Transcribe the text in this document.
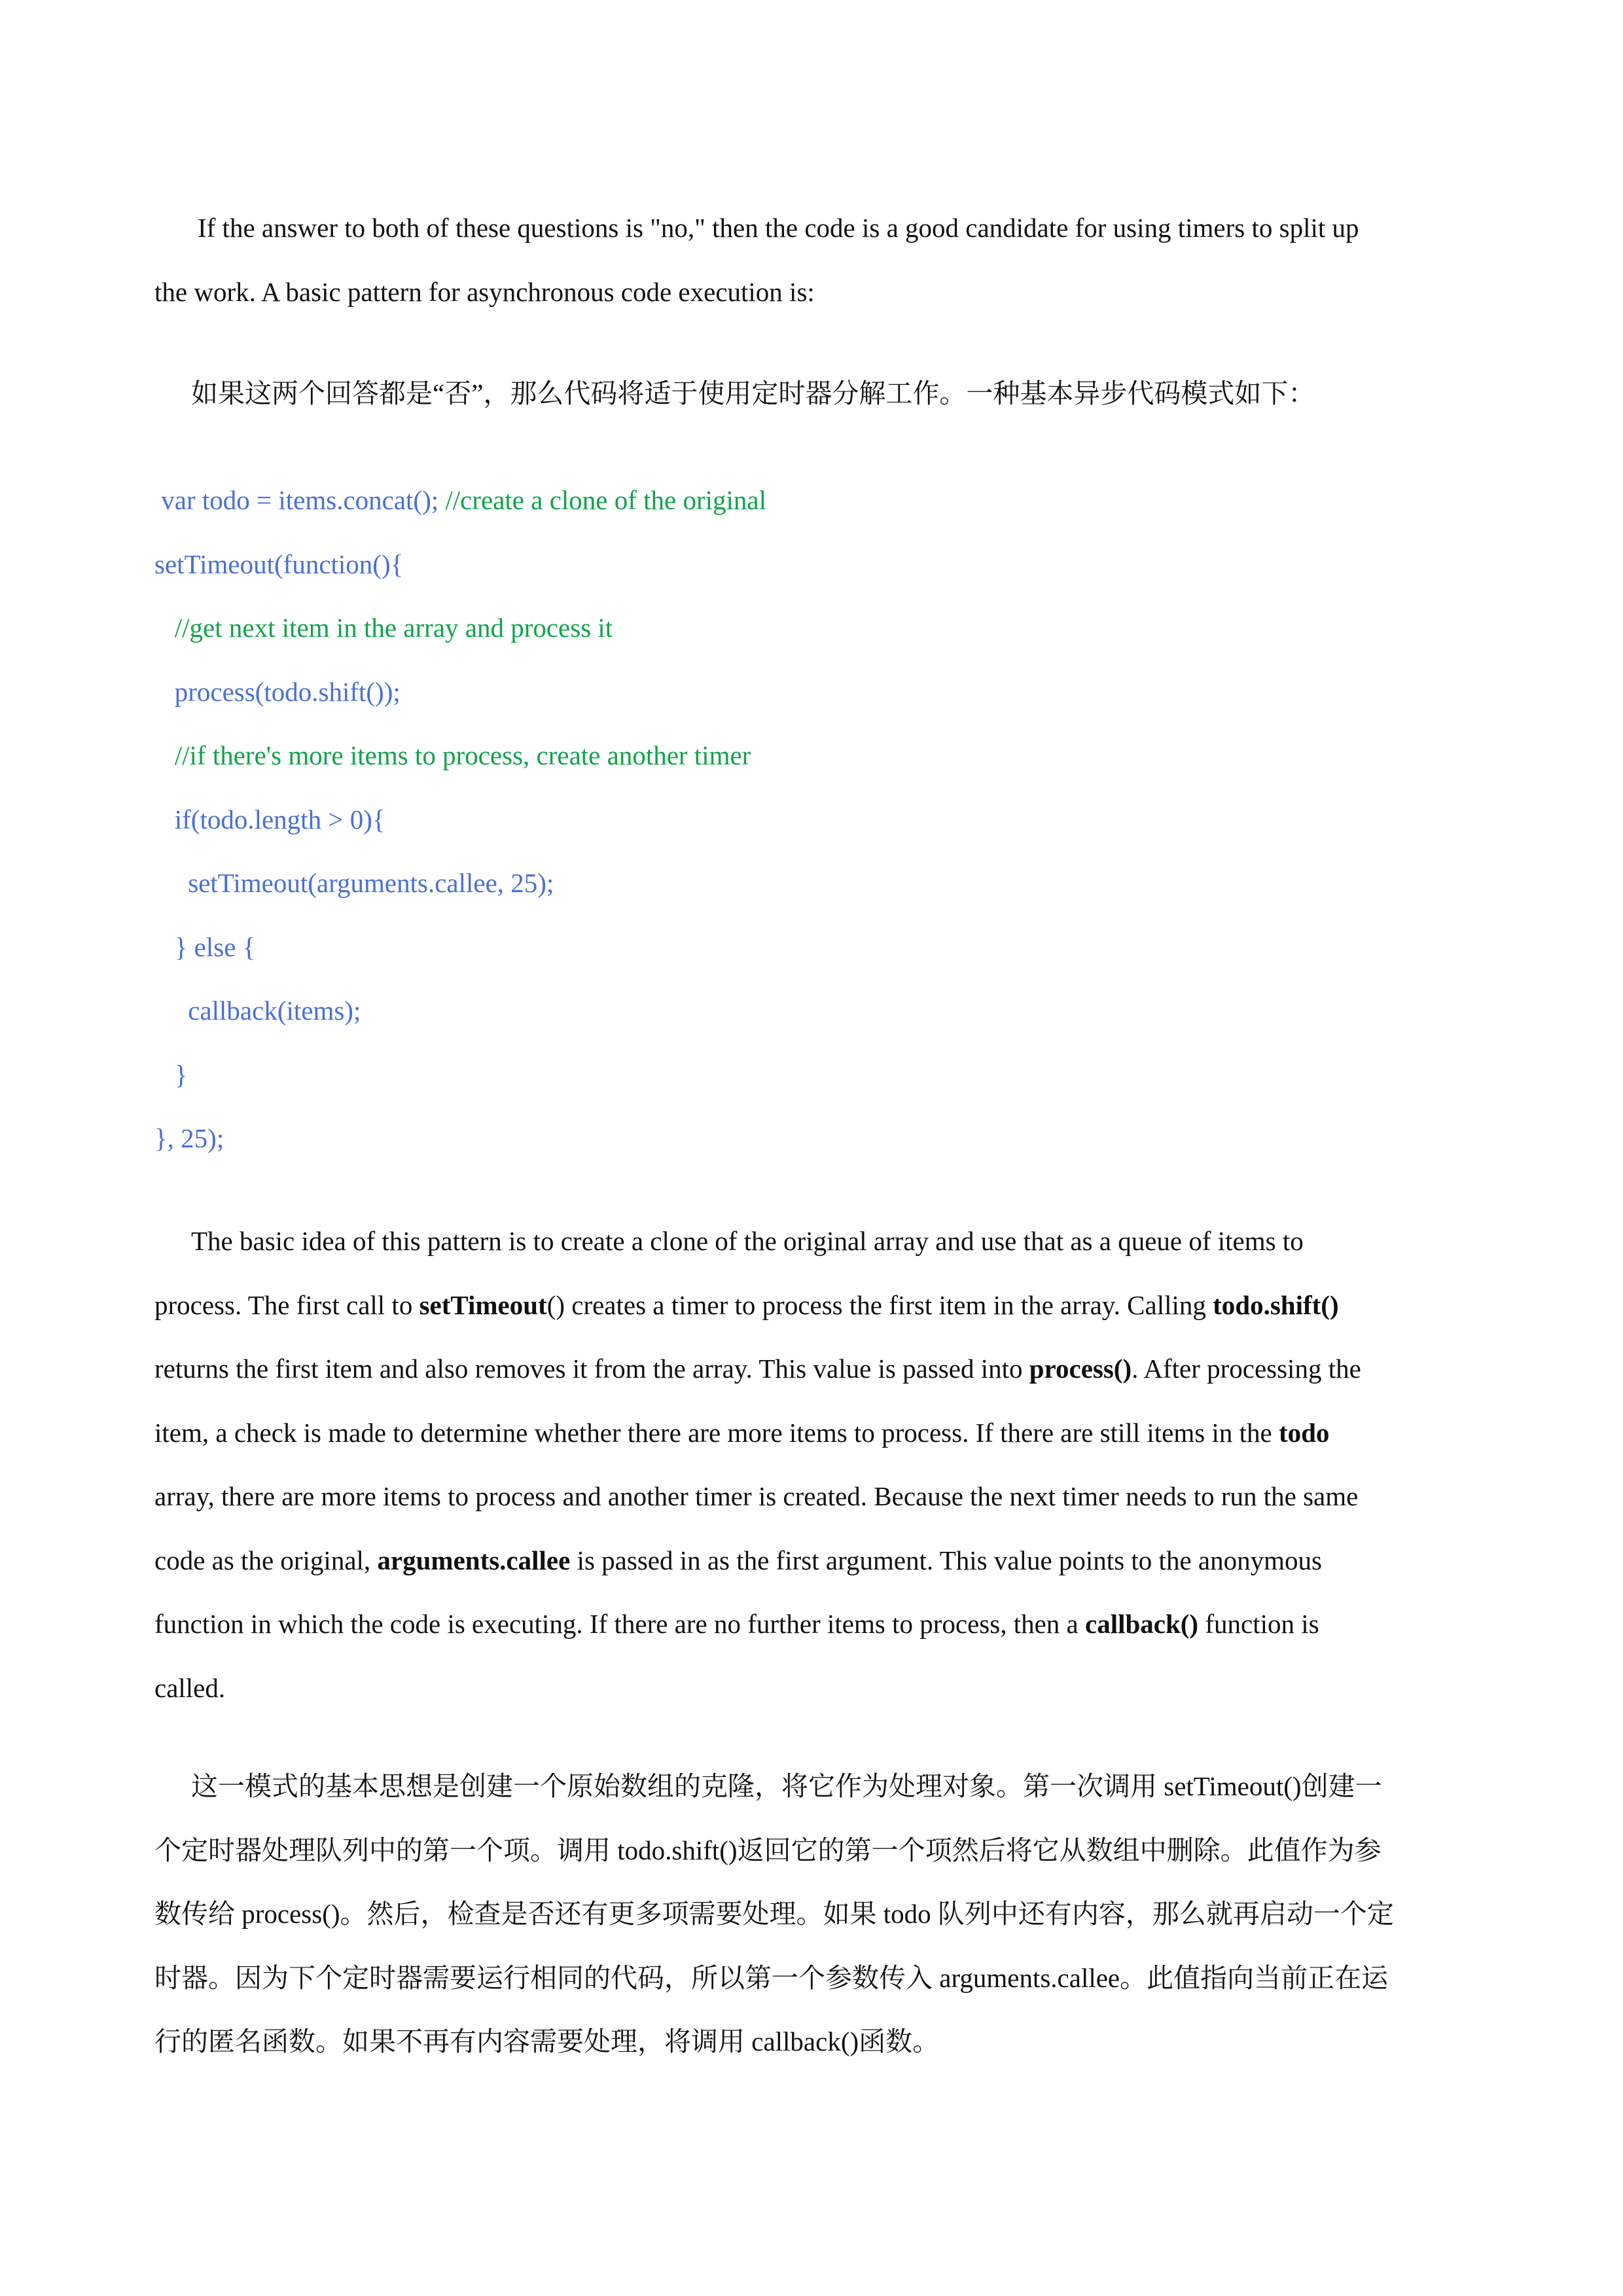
If the answer to both of these questions is "no," then the code is a good candidate for using timers to split up
the work. A basic pattern for asynchronous code execution is:

如果这两个回答都是“否”，那么代码将适于使用定时器分解工作。一种基本异步代码模式如下：

var todo = items.concat(); //create a clone of the original
setTimeout(function(){
//get next item in the array and process it
process(todo.shift());
//if there's more items to process, create another timer
if(todo.length > 0){
setTimeout(arguments.callee, 25);
} else {
callback(items);
}
}, 25);

The basic idea of this pattern is to create a clone of the original array and use that as a queue of items to
process. The first call to setTimeout() creates a timer to process the first item in the array. Calling todo.shift()
returns the first item and also removes it from the array. This value is passed into process(). After processing the
item, a check is made to determine whether there are more items to process. If there are still items in the todo
array, there are more items to process and another timer is created. Because the next timer needs to run the same
code as the original, arguments.callee is passed in as the first argument. This value points to the anonymous
function in which the code is executing. If there are no further items to process, then a callback() function is
called.

这一模式的基本思想是创建一个原始数组的克隆，将它作为处理对象。第一次调用 setTimeout()创建一
个定时器处理队列中的第一个项。调用 todo.shift()返回它的第一个项然后将它从数组中删除。此值作为参
数传给 process()。然后，检查是否还有更多项需要处理。如果 todo 队列中还有内容，那么就再启动一个定
时器。因为下个定时器需要运行相同的代码，所以第一个参数传入 arguments.callee。此值指向当前正在运
行的匿名函数。如果不再有内容需要处理，将调用 callback()函数。
